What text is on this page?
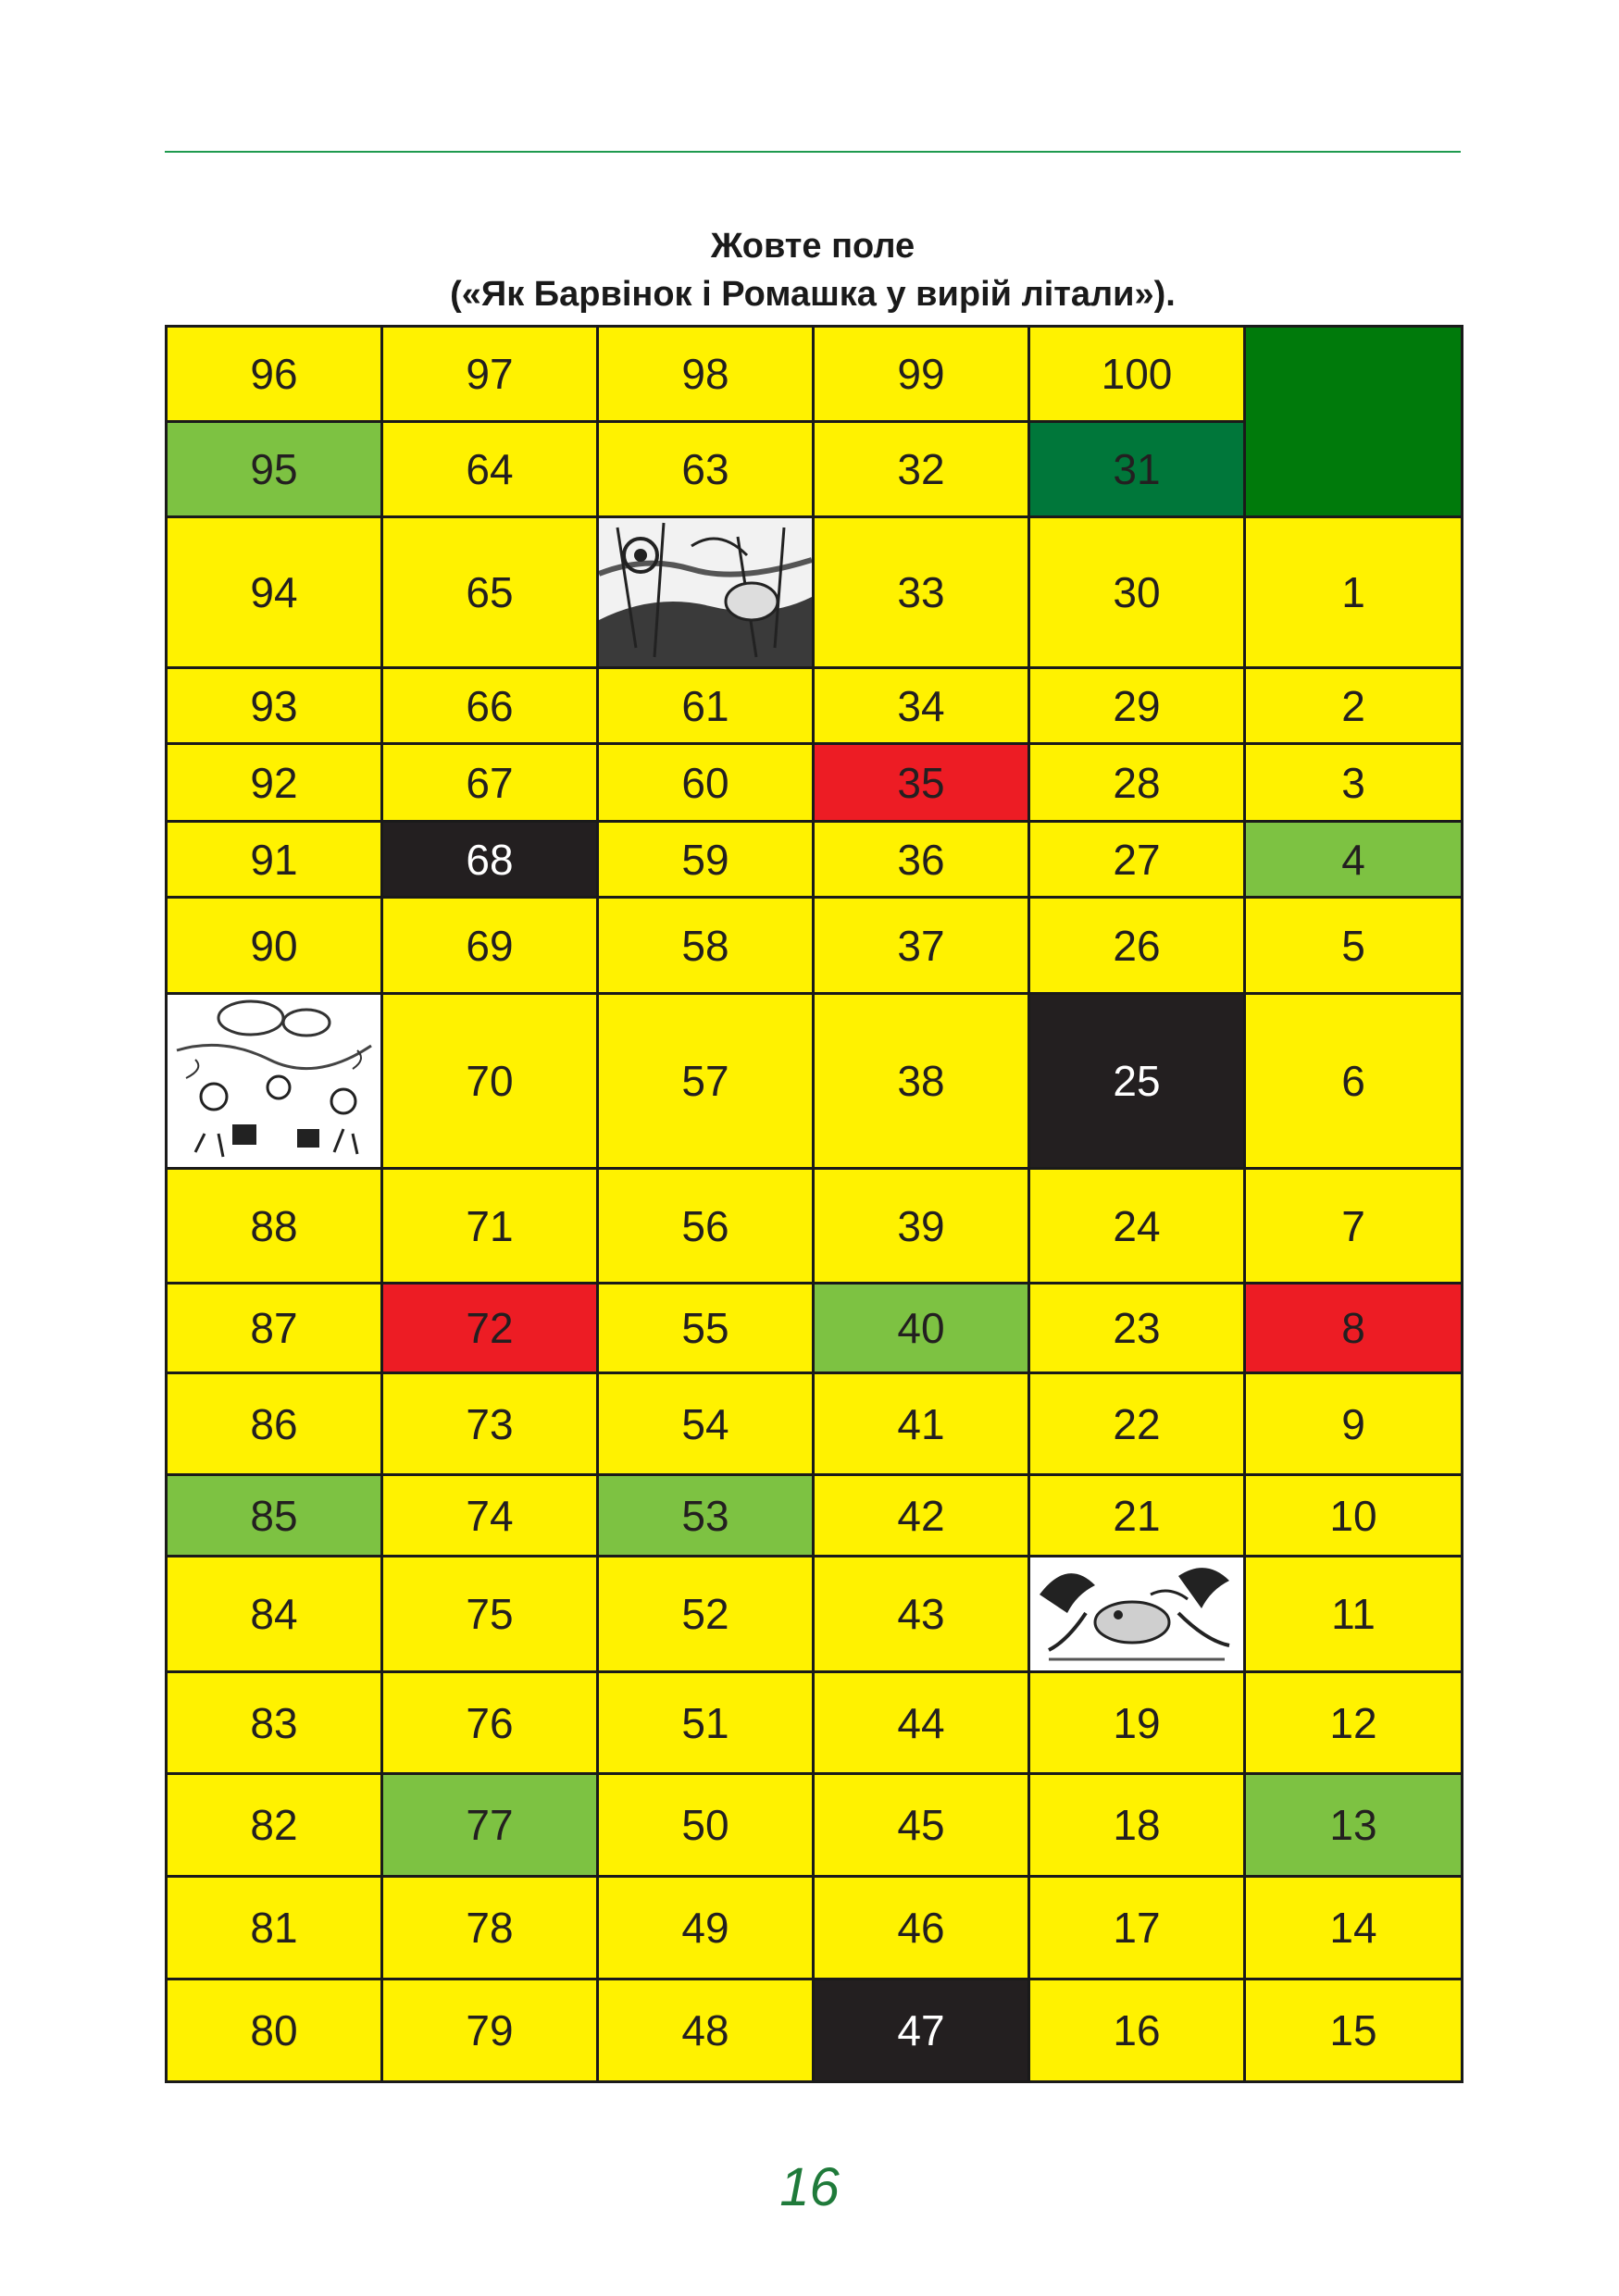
Жовте поле
(«Як Барвінок і Ромашка у вирій літали»).
96	97	98	99	100	
95	64	63	32	31	
94	65		33	30	1
93	66	61	34	29	2
92	67	60	35	28	3
91	68	59	36	27	4
90	69	58	37	26	5

	70	57	38	25	6
88	71	56	39	24	7
87	72	55	40	23	8
86	73	54	41	22	9
85	74	53	42	21	10
84	75	52	43		11
83	76	51	44	19	12
82	77	50	45	18	13
81	78	49	46	17	14
80	79	48	47	16	15
16
